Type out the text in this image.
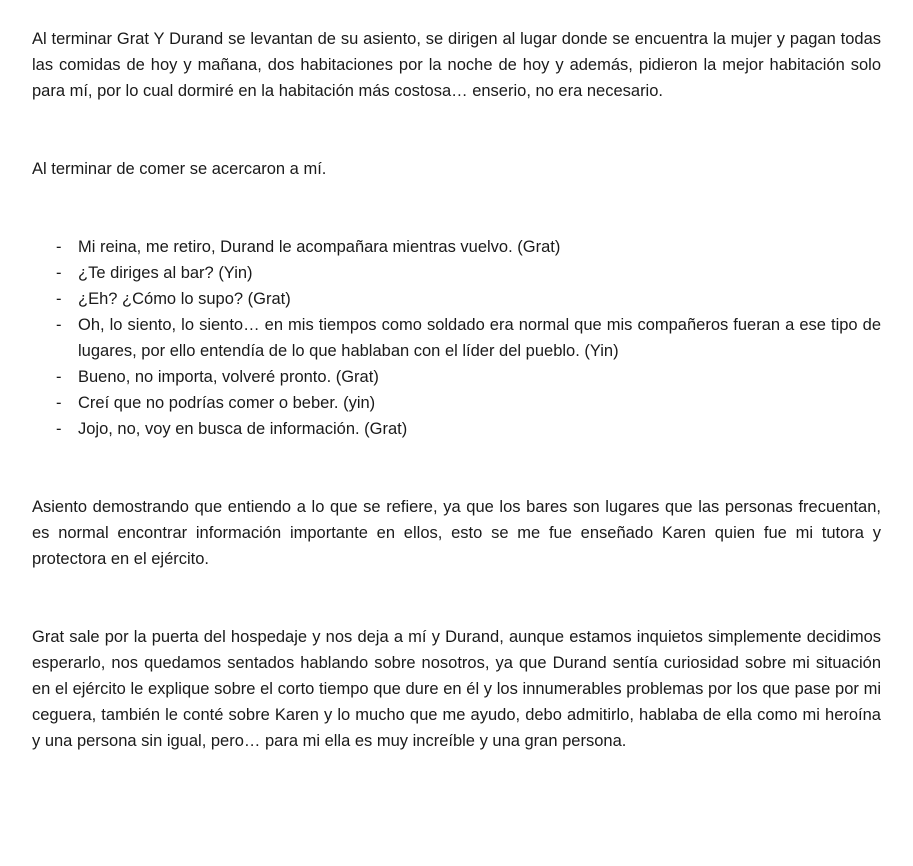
Al terminar Grat Y Durand se levantan de su asiento, se dirigen al lugar donde se encuentra la mujer y pagan todas las comidas de hoy y mañana, dos habitaciones por la noche de hoy y además, pidieron la mejor habitación solo para mí, por lo cual dormiré en la habitación más costosa… enserio, no era necesario.

Al terminar de comer se acercaron a mí.

- Mi reina, me retiro, Durand le acompañara mientras vuelvo. (Grat)
- ¿Te diriges al bar? (Yin)
- ¿Eh? ¿Cómo lo supo? (Grat)
- Oh, lo siento, lo siento… en mis tiempos como soldado era normal que mis compañeros fueran a ese tipo de lugares, por ello entendía de lo que hablaban con el líder del pueblo. (Yin)
- Bueno, no importa, volveré pronto. (Grat)
- Creí que no podrías comer o beber. (yin)
- Jojo, no, voy en busca de información. (Grat)

Asiento demostrando que entiendo a lo que se refiere, ya que los bares son lugares que las personas frecuentan, es normal encontrar información importante en ellos, esto se me fue enseñado Karen quien fue mi tutora y protectora en el ejército.

Grat sale por la puerta del hospedaje y nos deja a mí y Durand, aunque estamos inquietos simplemente decidimos esperarlo, nos quedamos sentados hablando sobre nosotros, ya que Durand sentía curiosidad sobre mi situación en el ejército le explique sobre el corto tiempo que dure en él y los innumerables problemas por los que pase por mi ceguera, también le conté sobre Karen y lo mucho que me ayudo, debo admitirlo, hablaba de ella como mi heroína y una persona sin igual, pero… para mi ella es muy increíble y una gran persona.
